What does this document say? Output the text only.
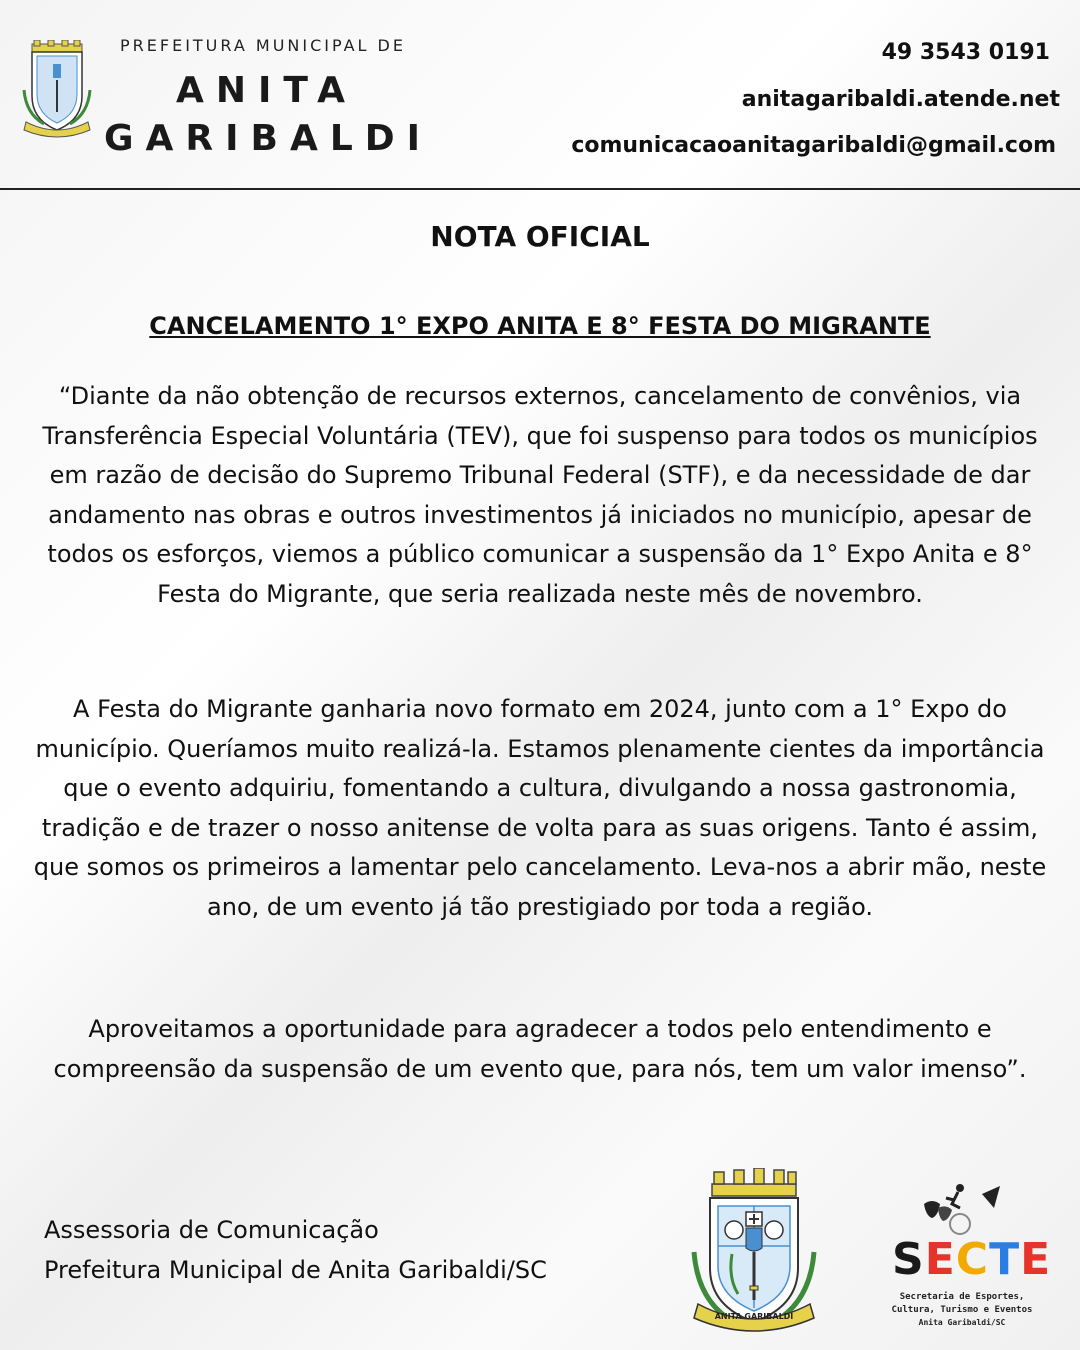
PREFEITURA MUNICIPAL DE
ANITA
GARIBALDI
49 3543 0191
anitagaribaldi.atende.net
comunicacaoanitagaribaldi@gmail.com
NOTA OFICIAL
CANCELAMENTO 1° EXPO ANITA E 8° FESTA DO MIGRANTE
“Diante da não obtenção de recursos externos, cancelamento de convênios, via Transferência Especial Voluntária (TEV), que foi suspenso para todos os municípios em razão de decisão do Supremo Tribunal Federal (STF), e da necessidade de dar andamento nas obras e outros investimentos já iniciados no município, apesar de todos os esforços, viemos a público comunicar a suspensão da 1° Expo Anita e 8° Festa do Migrante, que seria realizada neste mês de novembro.
A Festa do Migrante ganharia novo formato em 2024, junto com a 1° Expo do município. Queríamos muito realizá-la. Estamos plenamente cientes da importância que o evento adquiriu, fomentando a cultura, divulgando a nossa gastronomia, tradição e de trazer o nosso anitense de volta para as suas origens. Tanto é assim, que somos os primeiros a lamentar pelo cancelamento. Leva-nos a abrir mão, neste ano, de um evento já tão prestigiado por toda a região.
Aproveitamos a oportunidade para agradecer a todos pelo entendimento e compreensão da suspensão de um evento que, para nós, tem um valor imenso”.
Assessoria de Comunicação
Prefeitura Municipal de Anita Garibaldi/SC
ANITA GARIBALDI
SECTE
Secretaria de Esportes,
Cultura, Turismo e Eventos
Anita Garibaldi/SC
